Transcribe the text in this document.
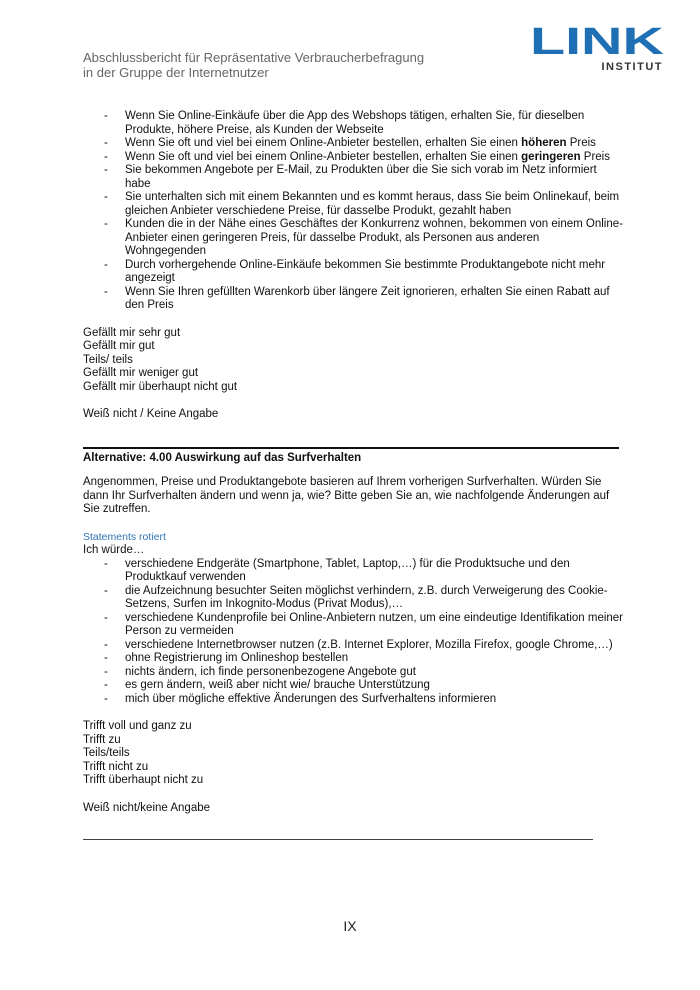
Abschlussbericht für Repräsentative Verbraucherbefragung
in der Gruppe der Internetnutzer
LINK
INSTITUT
- Wenn Sie Online-Einkäufe über die App des Webshops tätigen, erhalten Sie, für dieselben Produkte, höhere Preise, als Kunden der Webseite
- Wenn Sie oft und viel bei einem Online-Anbieter bestellen, erhalten Sie einen höheren Preis
- Wenn Sie oft und viel bei einem Online-Anbieter bestellen, erhalten Sie einen geringeren Preis
- Sie bekommen Angebote per E-Mail, zu Produkten über die Sie sich vorab im Netz informiert habe
- Sie unterhalten sich mit einem Bekannten und es kommt heraus, dass Sie beim Onlinekauf, beim gleichen Anbieter verschiedene Preise, für dasselbe Produkt, gezahlt haben
- Kunden die in der Nähe eines Geschäftes der Konkurrenz wohnen, bekommen von einem Online-Anbieter einen geringeren Preis, für dasselbe Produkt, als Personen aus anderen Wohngegenden
- Durch vorhergehende Online-Einkäufe bekommen Sie bestimmte Produktangebote nicht mehr angezeigt
- Wenn Sie Ihren gefüllten Warenkorb über längere Zeit ignorieren, erhalten Sie einen Rabatt auf den Preis
Gefällt mir sehr gut
Gefällt mir gut
Teils/ teils
Gefällt mir weniger gut
Gefällt mir überhaupt nicht gut
Weiß nicht / Keine Angabe
Alternative: 4.00 Auswirkung auf das Surfverhalten
Angenommen, Preise und Produktangebote basieren auf Ihrem vorherigen Surfverhalten. Würden Sie dann Ihr Surfverhalten ändern und wenn ja, wie? Bitte geben Sie an, wie nachfolgende Änderungen auf Sie zutreffen.
Statements rotiert
Ich würde…
- verschiedene Endgeräte (Smartphone, Tablet, Laptop,…) für die Produktsuche und den Produktkauf verwenden
- die Aufzeichnung besuchter Seiten möglichst verhindern, z.B. durch Verweigerung des Cookie-Setzens, Surfen im Inkognito-Modus (Privat Modus),…
- verschiedene Kundenprofile bei Online-Anbietern nutzen, um eine eindeutige Identifikation meiner Person zu vermeiden
- verschiedene Internetbrowser nutzen (z.B. Internet Explorer, Mozilla Firefox, google Chrome,…)
- ohne Registrierung im Onlineshop bestellen
- nichts ändern, ich finde personenbezogene Angebote gut
- es gern ändern, weiß aber nicht wie/ brauche Unterstützung
- mich über mögliche effektive Änderungen des Surfverhaltens informieren
Trifft voll und ganz zu
Trifft zu
Teils/teils
Trifft nicht zu
Trifft überhaupt nicht zu
Weiß nicht/keine Angabe
IX
